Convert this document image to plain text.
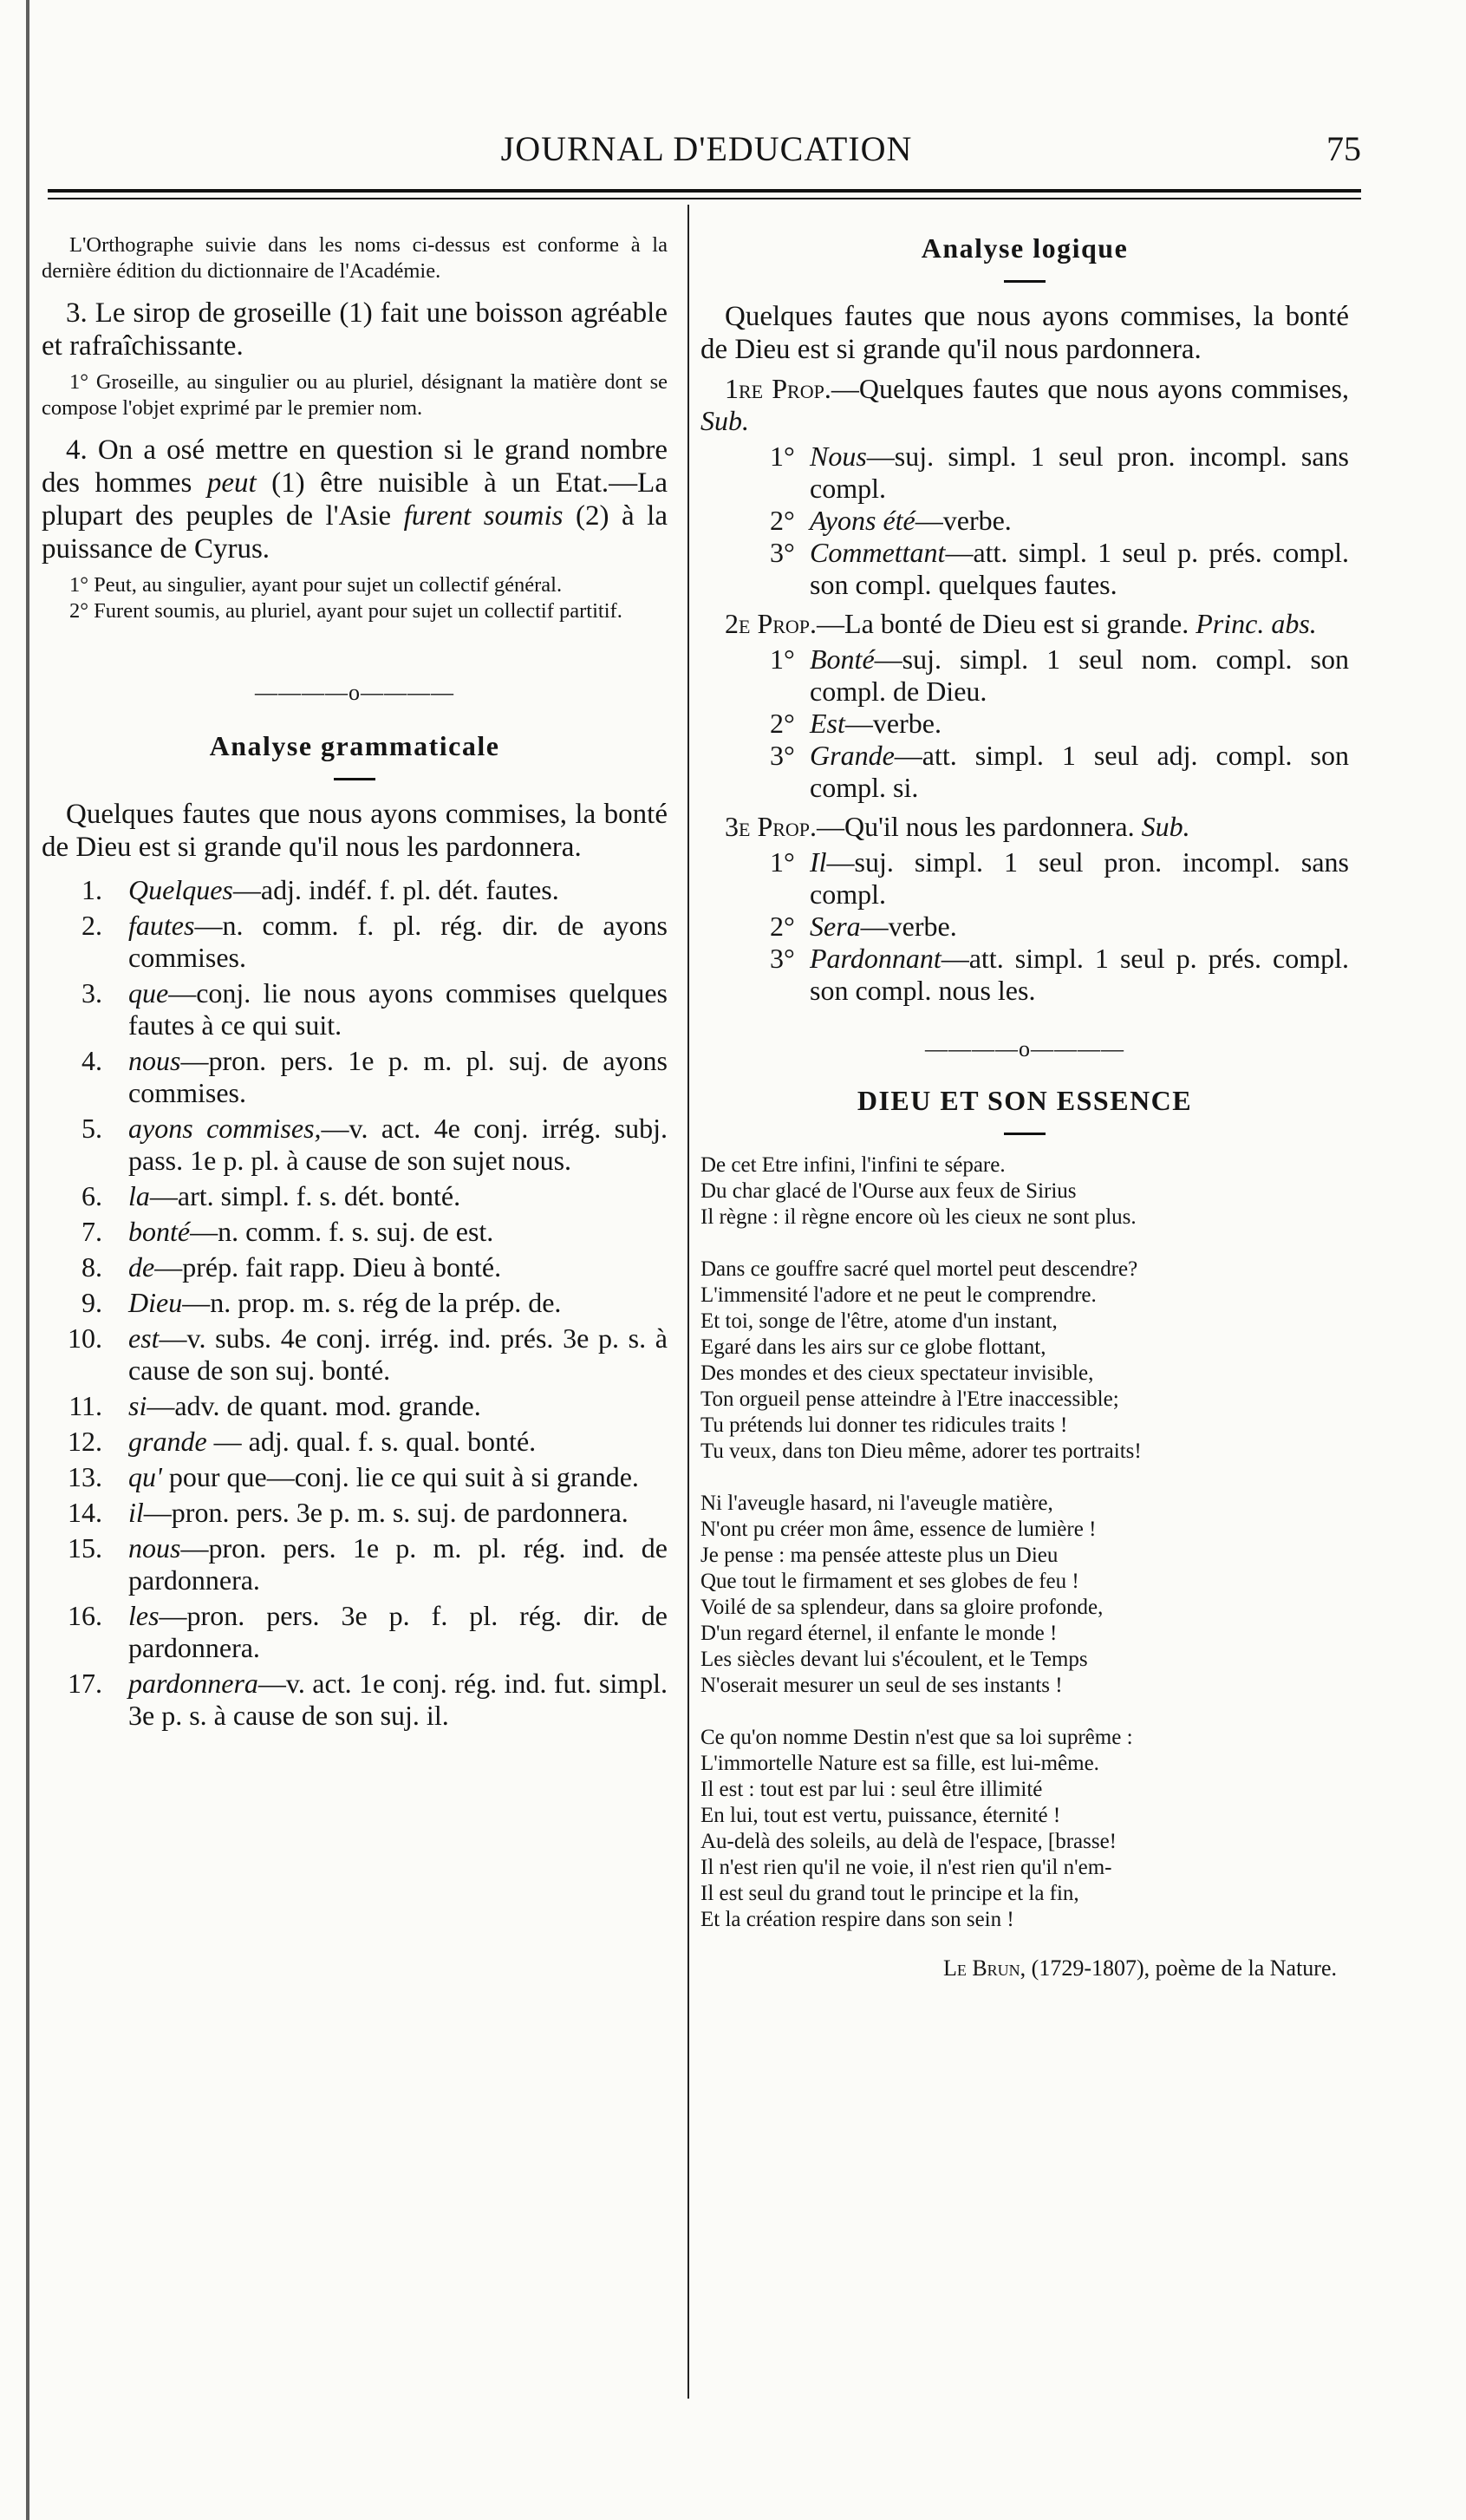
JOURNAL D'EDUCATION	75

L'Orthographe suivie dans les noms ci-dessus est conforme à la dernière édition du dictionnaire de l'Académie.

3. Le sirop de groseille (1) fait une boisson agréable et rafraîchissante.

1° Groseille, au singulier ou au pluriel, désignant la matière dont se compose l'objet exprimé par le premier nom.

4. On a osé mettre en question si le grand nombre des hommes peut (1) être nuisible à un Etat.—La plupart des peuples de l'Asie furent soumis (2) à la puissance de Cyrus.

1° Peut, au singulier, ayant pour sujet un collectif général.

2° Furent soumis, au pluriel, ayant pour sujet un collectif partitif.

————o————
Analyse grammaticale

Quelques fautes que nous ayons commises, la bonté de Dieu est si grande qu'il nous les pardonnera.

1. Quelques—adj. indéf. f. pl. dét. fautes.
2. fautes—n. comm. f. pl. rég. dir. de ayons commises.
3. que—conj. lie nous ayons commises quelques fautes à ce qui suit.
4. nous—pron. pers. 1e p. m. pl. suj. de ayons commises.
5. ayons commises,—v. act. 4e conj. irrég. subj. pass. 1e p. pl. à cause de son sujet nous.
6. la—art. simpl. f. s. dét. bonté.
7. bonté—n. comm. f. s. suj. de est.
8. de—prép. fait rapp. Dieu à bonté.
9. Dieu—n. prop. m. s. rég de la prép. de.
10. est—v. subs. 4e conj. irrég. ind. prés. 3e p. s. à cause de son suj. bonté.
11. si—adv. de quant. mod. grande.
12. grande — adj. qual. f. s. qual. bonté.
13. qu' pour que—conj. lie ce qui suit à si grande.
14. il—pron. pers. 3e p. m. s. suj. de pardonnera.
15. nous—pron. pers. 1e p. m. pl. rég. ind. de pardonnera.
16. les—pron. pers. 3e p. f. pl. rég. dir. de pardonnera.
17. pardonnera—v. act. 1e conj. rég. ind. fut. simpl. 3e p. s. à cause de son suj. il.
Analyse logique

Quelques fautes que nous ayons commises, la bonté de Dieu est si grande qu'il nous pardonnera.

1re Prop.—Quelques fautes que nous ayons commises, Sub.

1° Nous—suj. simpl. 1 seul pron. incompl. sans compl.
2° Ayons été—verbe.
3° Commettant—att. simpl. 1 seul p. prés. compl. son compl. quelques fautes.

2e Prop.—La bonté de Dieu est si grande. Princ. abs.

1° Bonté—suj. simpl. 1 seul nom. compl. son compl. de Dieu.
2° Est—verbe.
3° Grande—att. simpl. 1 seul adj. compl. son compl. si.

3e Prop.—Qu'il nous les pardonnera. Sub.

1° Il—suj. simpl. 1 seul pron. incompl. sans compl.
2° Sera—verbe.
3° Pardonnant—att. simpl. 1 seul p. prés. compl. son compl. nous les.
————o————
DIEU ET SON ESSENCE
De cet Etre infini, l'infini te sépare.
Du char glacé de l'Ourse aux feux de Sirius
Il règne : il règne encore où les cieux ne sont plus.
Dans ce gouffre sacré quel mortel peut descendre?
L'immensité l'adore et ne peut le comprendre.
Et toi, songe de l'être, atome d'un instant,
Egaré dans les airs sur ce globe flottant,
Des mondes et des cieux spectateur invisible,
Ton orgueil pense atteindre à l'Etre inaccessible;
Tu prétends lui donner tes ridicules traits !
Tu veux, dans ton Dieu même, adorer tes portraits!
Ni l'aveugle hasard, ni l'aveugle matière,
N'ont pu créer mon âme, essence de lumière !
Je pense : ma pensée atteste plus un Dieu
Que tout le firmament et ses globes de feu !
Voilé de sa splendeur, dans sa gloire profonde,
D'un regard éternel, il enfante le monde !
Les siècles devant lui s'écoulent, et le Temps
N'oserait mesurer un seul de ses instants !
Ce qu'on nomme Destin n'est que sa loi suprême :
L'immortelle Nature est sa fille, est lui-même.
Il est : tout est par lui : seul être illimité
En lui, tout est vertu, puissance, éternité !
Au-delà des soleils, au delà de l'espace, [brasse!
Il n'est rien qu'il ne voie, il n'est rien qu'il n'em-
Il est seul du grand tout le principe et la fin,
Et la création respire dans son sein !
Le Brun, (1729-1807), poème de la Nature.
